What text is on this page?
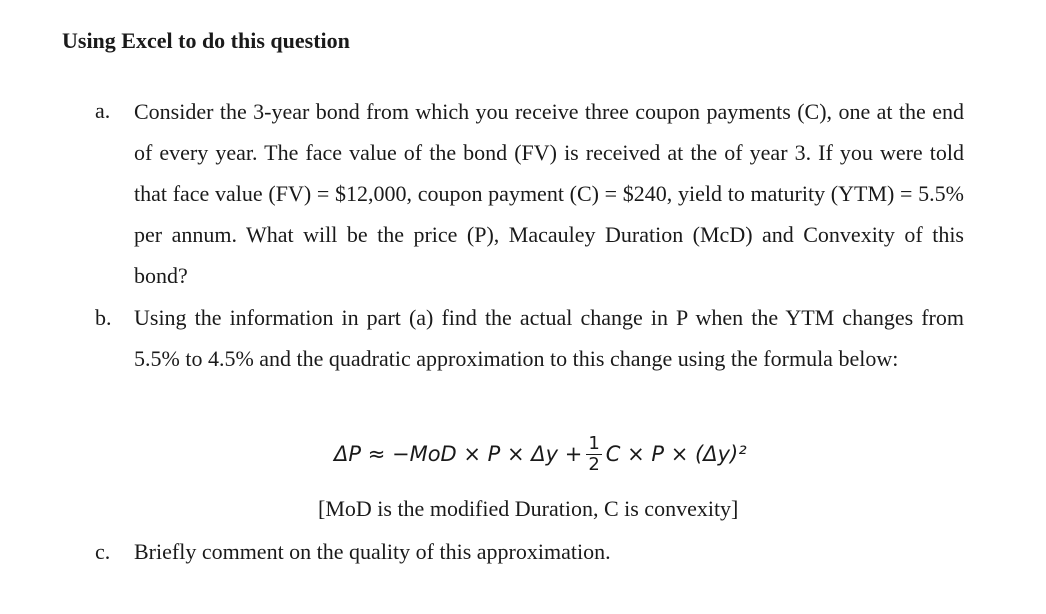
Using Excel to do this question
a. Consider the 3-year bond from which you receive three coupon payments (C), one at the end of every year. The face value of the bond (FV) is received at the of year 3. If you were told that face value (FV) = $12,000, coupon payment (C) = $240, yield to maturity (YTM) = 5.5% per annum. What will be the price (P), Macauley Duration (McD) and Convexity of this bond?
b. Using the information in part (a) find the actual change in P when the YTM changes from 5.5% to 4.5% and the quadratic approximation to this change using the formula below:
$\Delta P \approx -MoD \times P \times \Delta y + \frac{1}{2}$ C × P × (Δy)²
[MoD is the modified Duration, C is convexity]
c. Briefly comment on the quality of this approximation.
